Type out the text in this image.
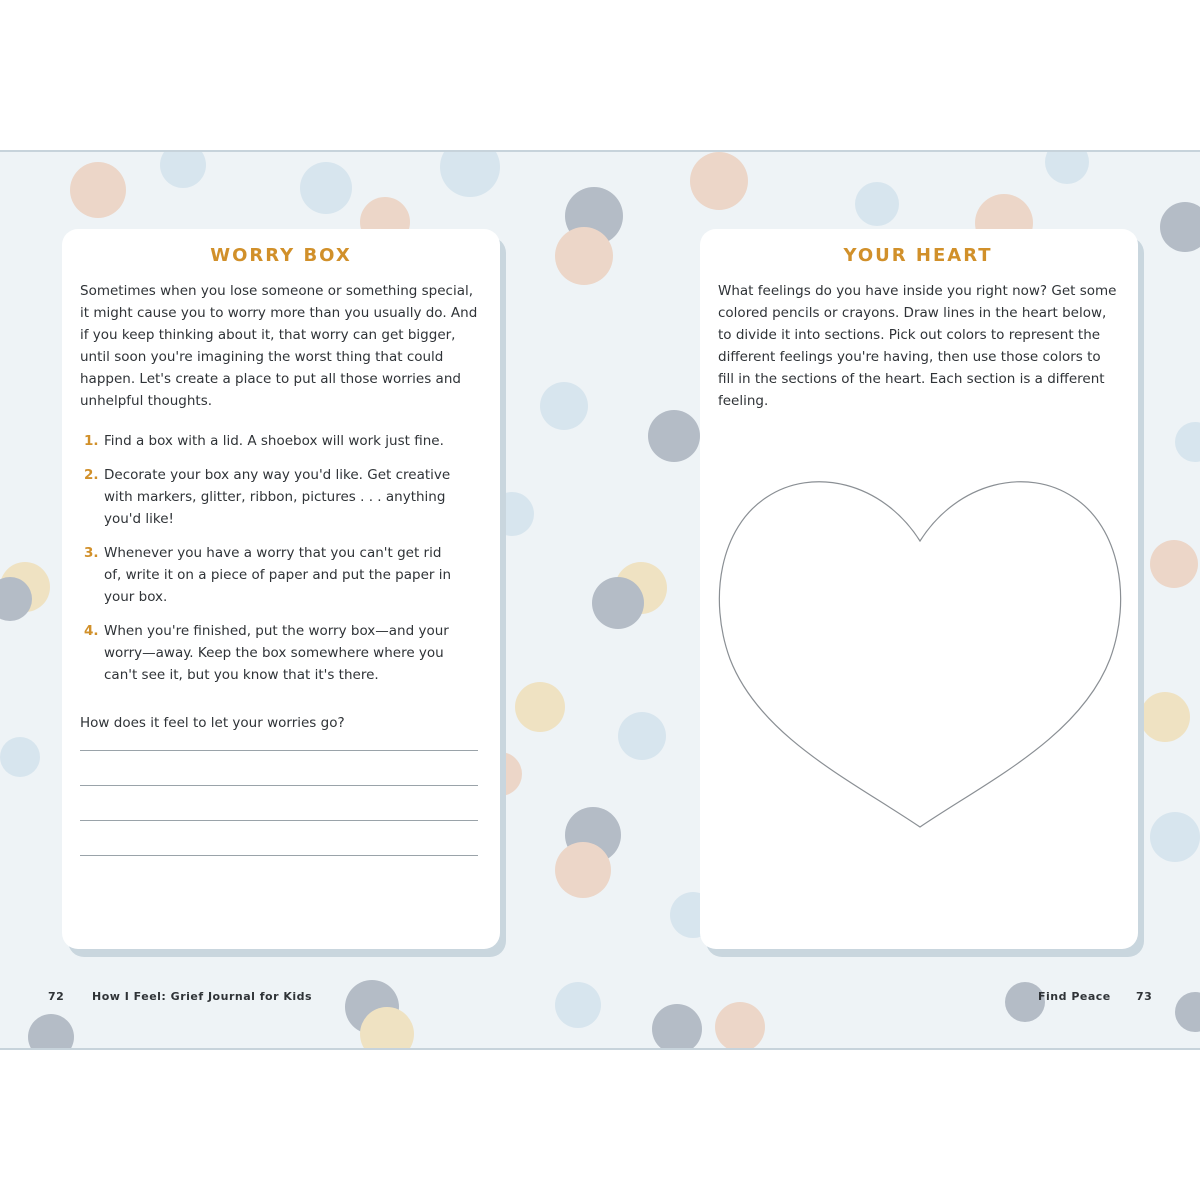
WORRY BOX

Sometimes when you lose someone or something special, it might cause you to worry more than you usually do. And if you keep thinking about it, that worry can get bigger, until soon you're imagining the worst thing that could happen. Let's create a place to put all those worries and unhelpful thoughts.

1. Find a box with a lid. A shoebox will work just fine.
2. Decorate your box any way you'd like. Get creative with markers, glitter, ribbon, pictures . . . anything you'd like!
3. Whenever you have a worry that you can't get rid of, write it on a piece of paper and put the paper in your box.
4. When you're finished, put the worry box—and your worry—away. Keep the box somewhere where you can't see it, but you know that it's there.
How does it feel to let your worries go?
YOUR HEART

What feelings do you have inside you right now? Get some colored pencils or crayons. Draw lines in the heart below, to divide it into sections. Pick out colors to represent the different feelings you're having, then use those colors to fill in the sections of the heart. Each section is a different feeling.

72	How I Feel: Grief Journal for Kids	Find Peace 73
